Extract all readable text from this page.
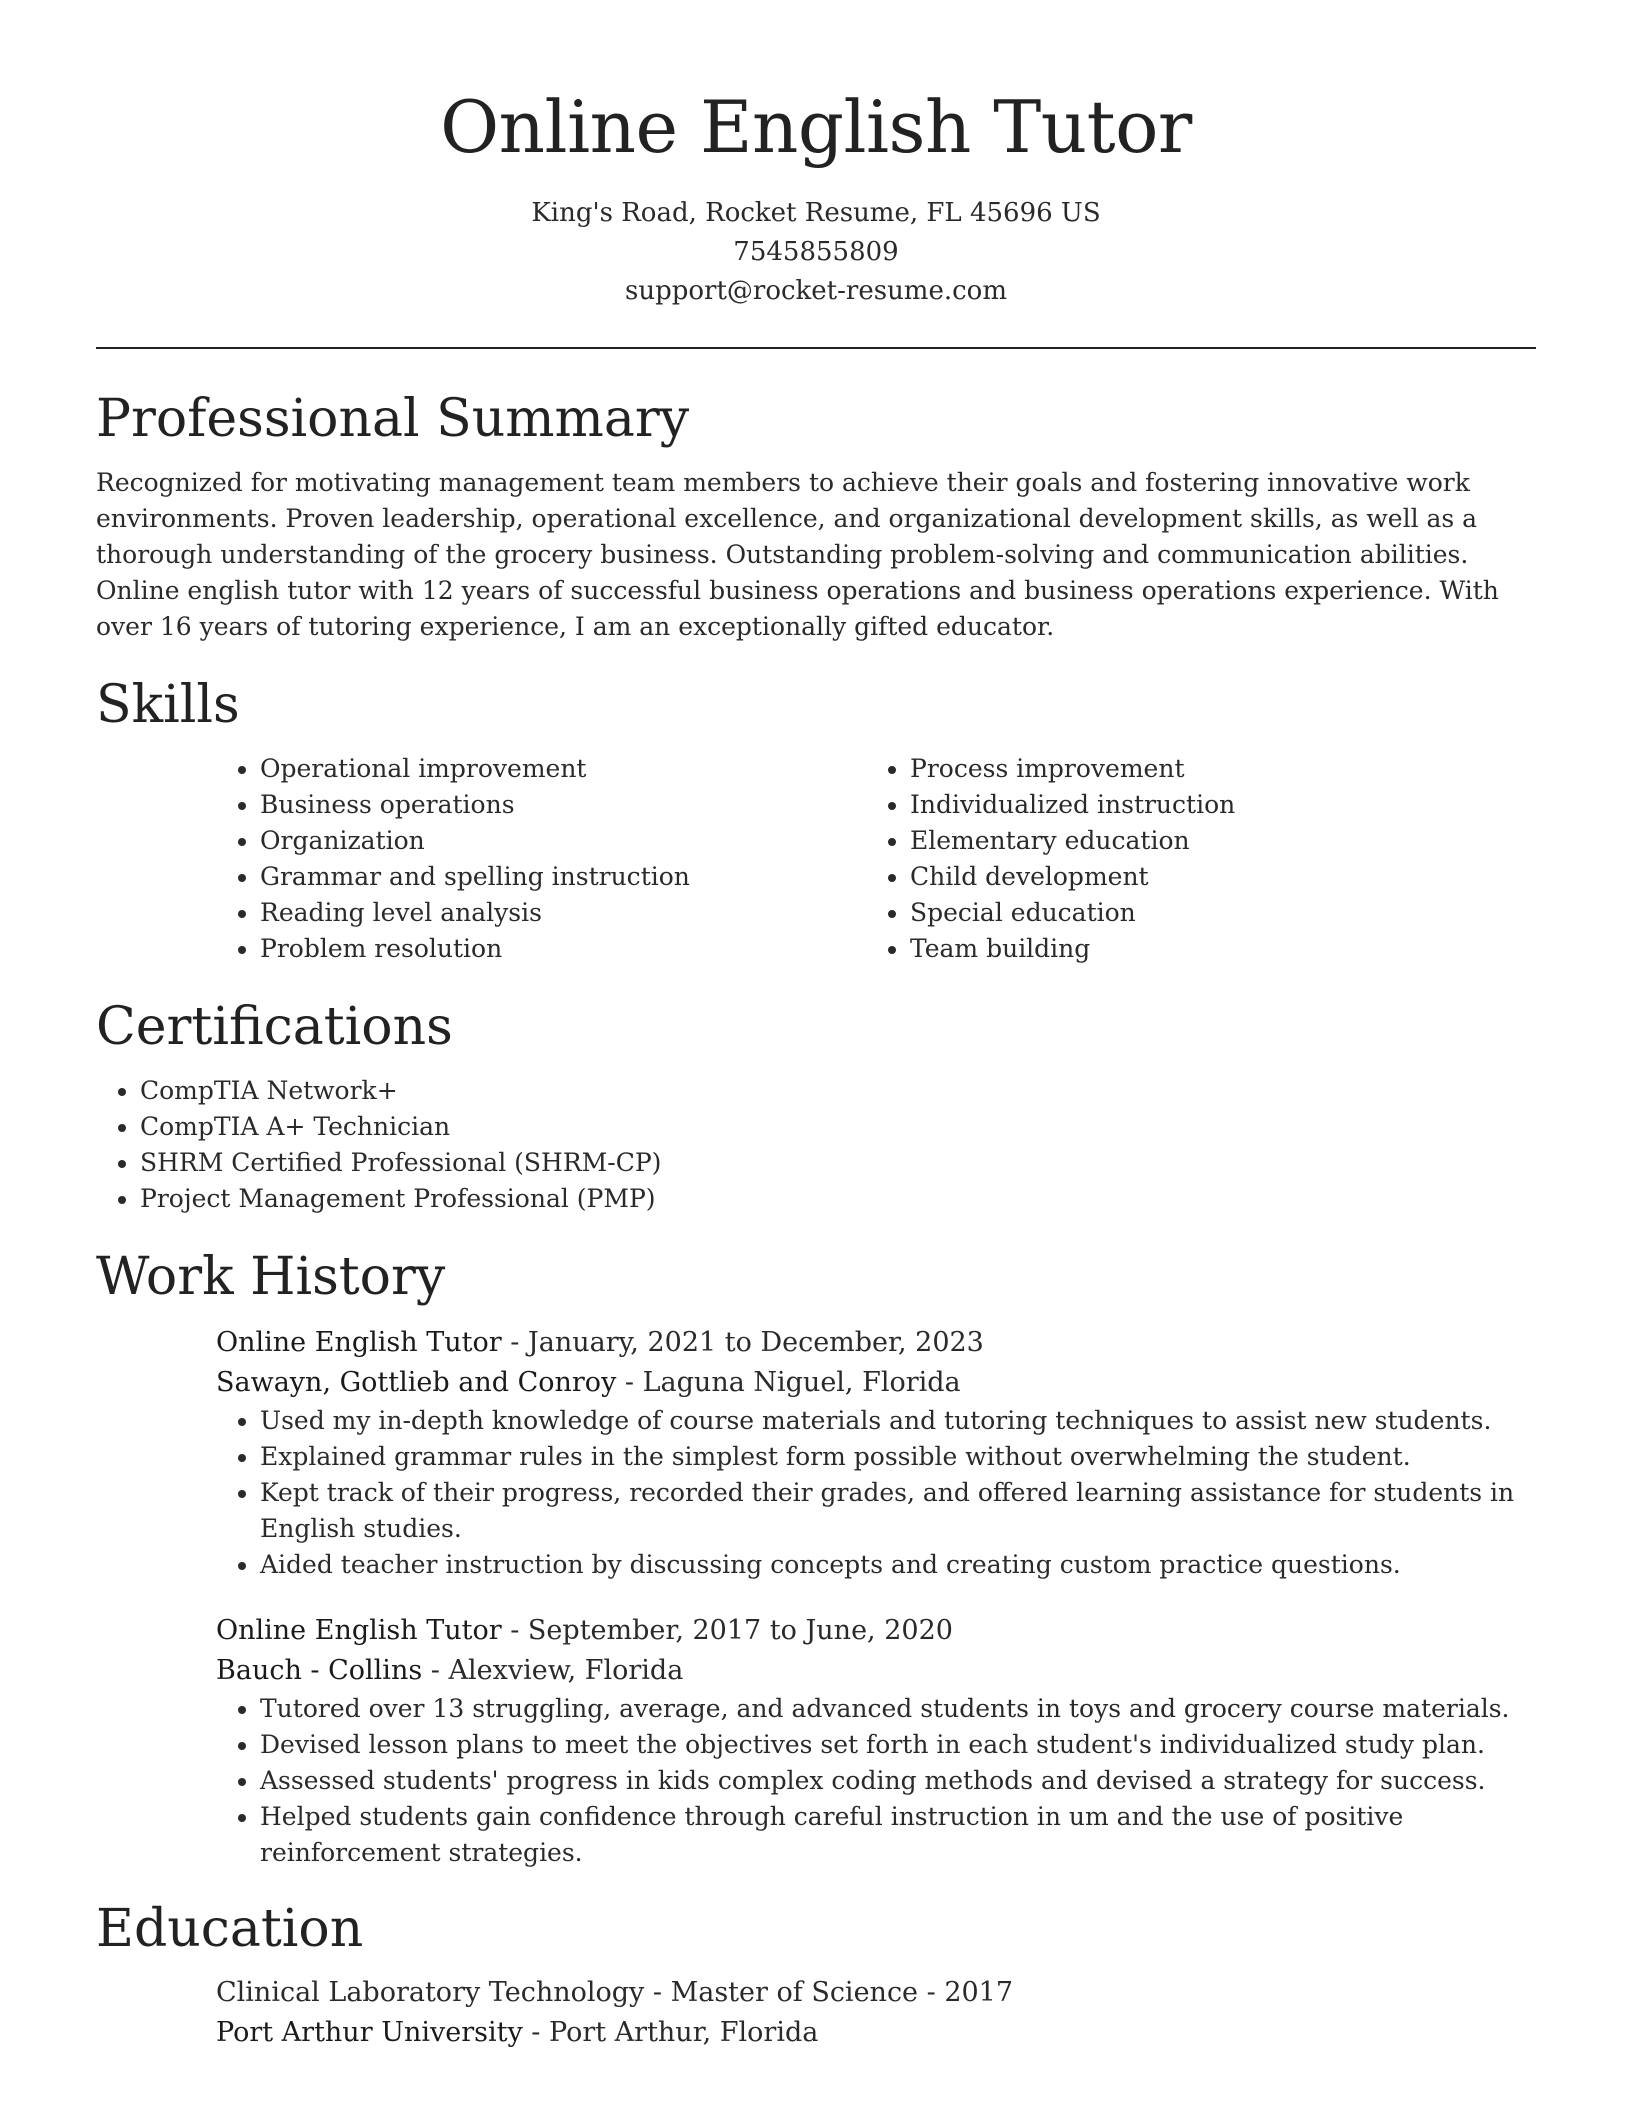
Online English Tutor
King's Road, Rocket Resume, FL 45696 US
7545855809
support@rocket-resume.com
Professional Summary

Recognized for motivating management team members to achieve their goals and fostering innovative work environments. Proven leadership, operational excellence, and organizational development skills, as well as a thorough understanding of the grocery business. Outstanding problem-solving and communication abilities. Online english tutor with 12 years of successful business operations and business operations experience. With over 16 years of tutoring experience, I am an exceptionally gifted educator.

Skills
• Operational improvement
• Business operations
• Organization
• Grammar and spelling instruction
• Reading level analysis
• Problem resolution
• Process improvement
• Individualized instruction
• Elementary education
• Child development
• Special education
• Team building
Certifications
• CompTIA Network+
• CompTIA A+ Technician
• SHRM Certified Professional (SHRM-CP)
• Project Management Professional (PMP)
Work History
Online English Tutor - January, 2021 to December, 2023
Sawayn, Gottlieb and Conroy - Laguna Niguel, Florida
• Used my in-depth knowledge of course materials and tutoring techniques to assist new students.
• Explained grammar rules in the simplest form possible without overwhelming the student.
• Kept track of their progress, recorded their grades, and offered learning assistance for students in English studies.
• Aided teacher instruction by discussing concepts and creating custom practice questions.
Online English Tutor - September, 2017 to June, 2020
Bauch - Collins - Alexview, Florida
• Tutored over 13 struggling, average, and advanced students in toys and grocery course materials.
• Devised lesson plans to meet the objectives set forth in each student's individualized study plan.
• Assessed students' progress in kids complex coding methods and devised a strategy for success.
• Helped students gain confidence through careful instruction in um and the use of positive reinforcement strategies.
Education
Clinical Laboratory Technology - Master of Science - 2017
Port Arthur University - Port Arthur, Florida
